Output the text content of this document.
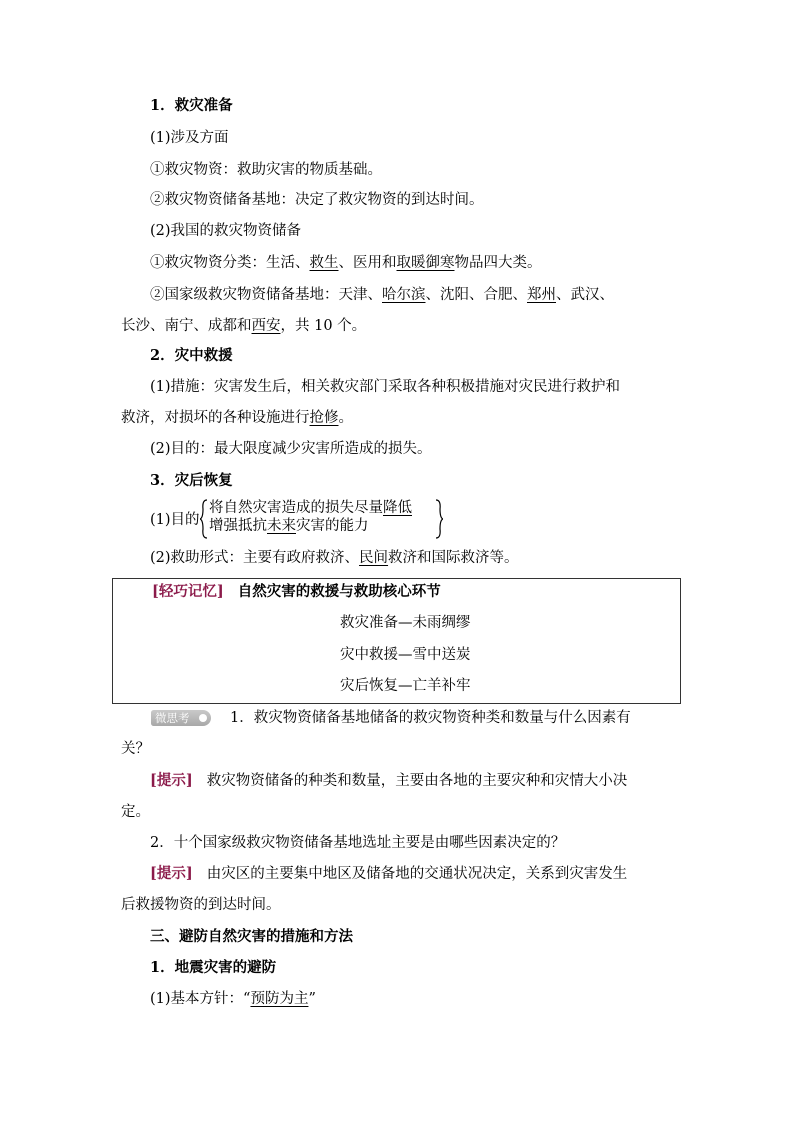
1．救灾准备
(1)涉及方面
①救灾物资：救助灾害的物质基础。
②救灾物资储备基地：决定了救灾物资的到达时间。
(2)我国的救灾物资储备
①救灾物资分类：生活、救生、医用和取暖御寒物品四大类。
②国家级救灾物资储备基地：天津、哈尔滨、沈阳、合肥、郑州、武汉、
长沙、南宁、成都和西安，共 10 个。
2．灾中救援
(1)措施：灾害发生后，相关救灾部门采取各种积极措施对灾民进行救护和
救济，对损坏的各种设施进行抢修。
(2)目的：最大限度减少灾害所造成的损失。
3．灾后恢复
(1)目的
将自然灾害造成的损失尽量降低
增强抵抗未来灾害的能力
(2)救助形式：主要有政府救济、民间救济和国际救济等。
[轻巧记忆] 自然灾害的救援与救助核心环节
救灾准备—未雨绸缪
灾中救援—雪中送炭
灾后恢复—亡羊补牢
微思考	1．救灾物资储备基地储备的救灾物资种类和数量与什么因素有
关？
[提示] 救灾物资储备的种类和数量，主要由各地的主要灾种和灾情大小决
定。
2．十个国家级救灾物资储备基地选址主要是由哪些因素决定的？
[提示] 由灾区的主要集中地区及储备地的交通状况决定，关系到灾害发生
后救援物资的到达时间。
三、避防自然灾害的措施和方法
1．地震灾害的避防
(1)基本方针：“预防为主”
